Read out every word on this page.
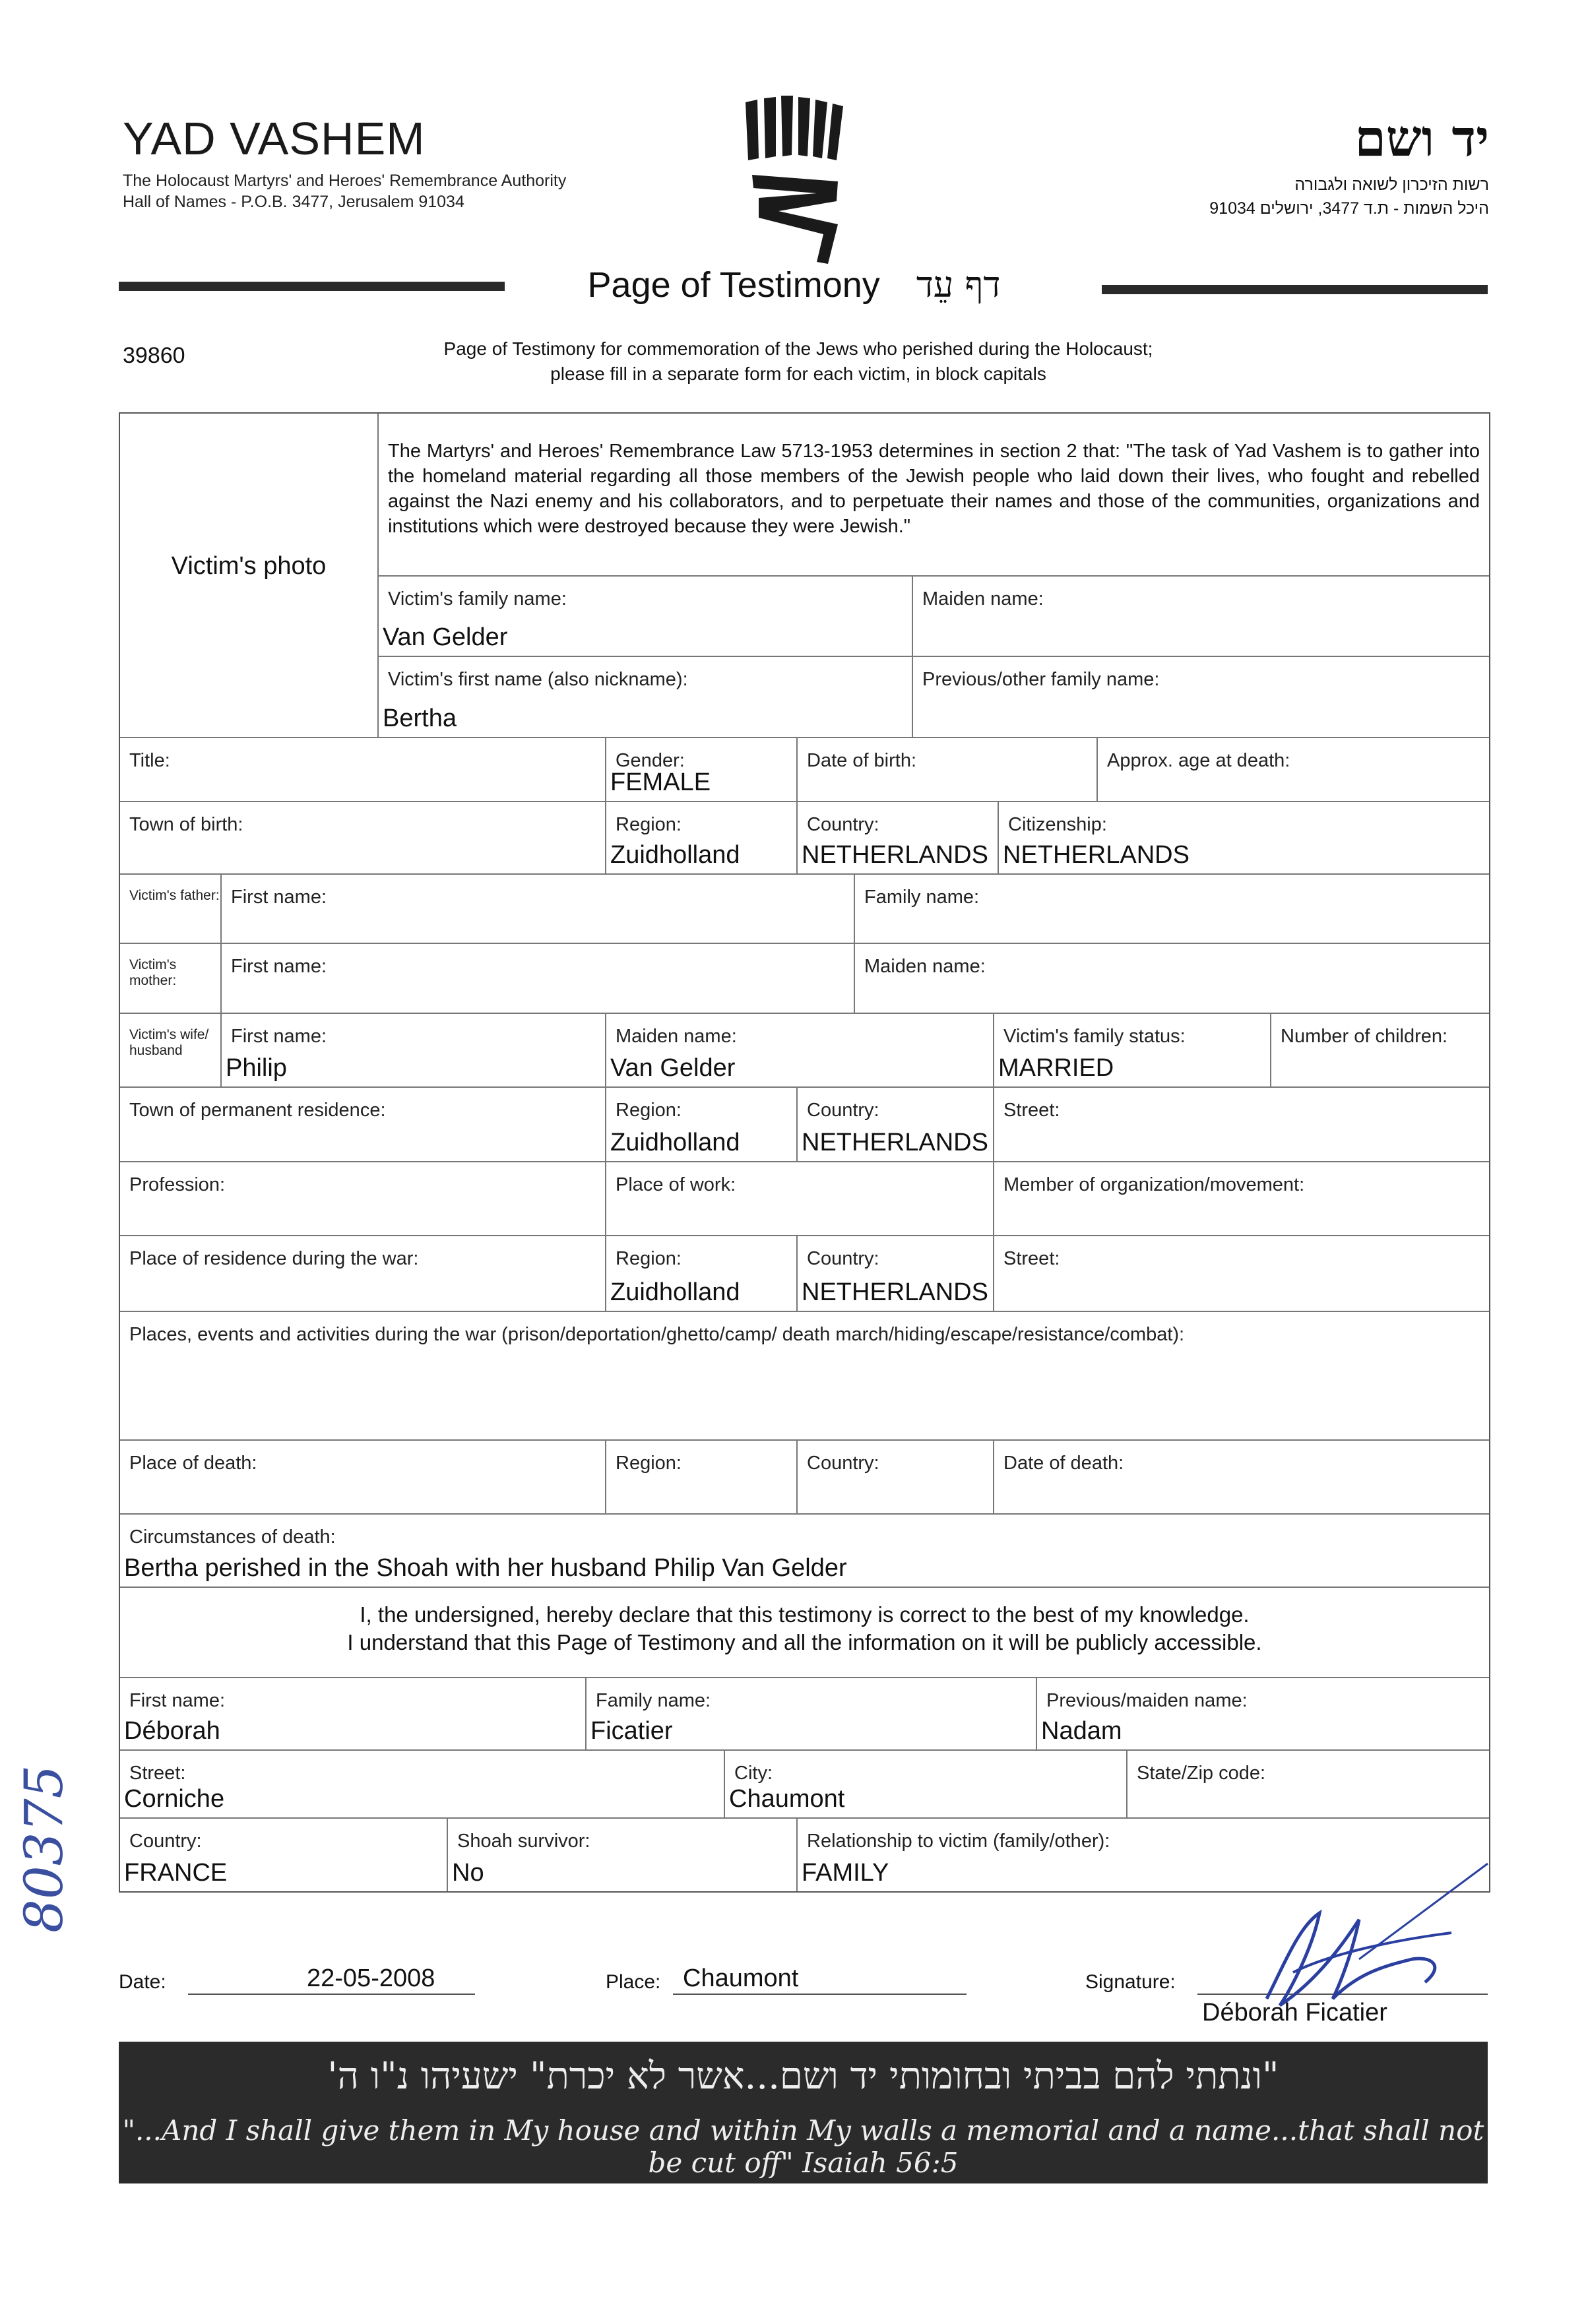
YAD VASHEM
The Holocaust Martyrs' and Heroes' Remembrance Authority
Hall of Names - P.O.B. 3477, Jerusalem 91034
יד ושם
רשות הזיכרון לשואה ולגבורה
היכל השמות - ת.ד 3477, ירושלים 91034
Page of Testimony דף עֵד
39860	Page of Testimony for commemoration of the Jews who perished during the Holocaust;
please fill in a separate form for each victim, in block capitals
Victim's photo
The Martyrs' and Heroes' Remembrance Law 5713-1953 determines in section 2 that: "The task of Yad Vashem is to gather into the homeland material regarding all those members of the Jewish people who laid down their lives, who fought and rebelled against the Nazi enemy and his collaborators, and to perpetuate their names and those of the communities, organizations and institutions which were destroyed because they were Jewish."
Victim's family name:
Van Gelder
Maiden name:
Victim's first name (also nickname):
Bertha
Previous/other family name:
Title:	Gender:
FEMALE
Date of birth:	Approx. age at death:
Town of birth:	Region:
Zuidholland
Country:
NETHERLANDS
Citizenship:
NETHERLANDS
Victim's father: First name:	Family name:
Victim's mother:
First name:	Maiden name:
Victim's wife/ husband
First name:
Philip
Maiden name:
Van Gelder
Victim's family status:
MARRIED
Number of children:
Town of permanent residence:	Region:
Zuidholland
Country:
NETHERLANDS
Street:
Profession:	Place of work:	Member of organization/movement:
Place of residence during the war:	Region:
Zuidholland
Country:
NETHERLANDS
Street:
Places, events and activities during the war (prison/deportation/ghetto/camp/ death march/hiding/escape/resistance/combat):
Place of death:	Region:	Country:	Date of death:
Circumstances of death:
Bertha perished in the Shoah with her husband Philip Van Gelder
I, the undersigned, hereby declare that this testimony is correct to the best of my knowledge.
I understand that this Page of Testimony and all the information on it will be publicly accessible.
First name:
Déborah
Family name:
Ficatier
Previous/maiden name:
Nadam
Street:
Corniche
City:
Chaumont
State/Zip code:
Country:
FRANCE
Shoah survivor:
No
Relationship to victim (family/other):
FAMILY
80375
Date:	22-05-2008	Place: Chaumont	Signature:
Déborah Ficatier
"ונתתי להם בביתי ובחומותי יד ושם...אשר לא יכרת" ישעיהו נ"ו ה'
"...And I shall give them in My house and within My walls a memorial and a name...that shall not be cut off" Isaiah 56:5
